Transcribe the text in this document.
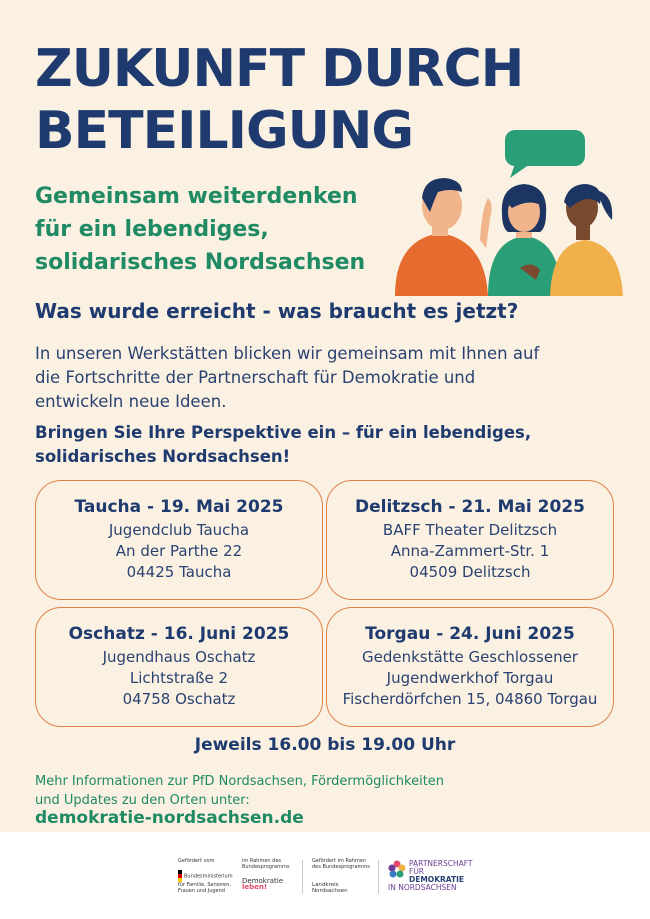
ZUKUNFT DURCH
BETEILIGUNG
Gemeinsam weiterdenken
für ein lebendiges,
solidarisches Nordsachsen
Was wurde erreicht - was braucht es jetzt?
In unseren Werkstätten blicken wir gemeinsam mit Ihnen auf
die Fortschritte der Partnerschaft für Demokratie und
entwickeln neue Ideen.
Bringen Sie Ihre Perspektive ein – für ein lebendiges,
solidarisches Nordsachsen!
Taucha - 19. Mai 2025
Jugendclub Taucha
An der Parthe 22
04425 Taucha
Delitzsch - 21. Mai 2025
BAFF Theater Delitzsch
Anna-Zammert-Str. 1
04509 Delitzsch
Oschatz - 16. Juni 2025
Jugendhaus Oschatz
Lichtstraße 2
04758 Oschatz
Torgau - 24. Juni 2025
Gedenkstätte Geschlossener
Jugendwerkhof Torgau
Fischerdörfchen 15, 04860 Torgau
Jeweils 16.00 bis 19.00 Uhr
Mehr Informationen zur PfD Nordsachsen, Fördermöglichkeiten
und Updates zu den Orten unter:
demokratie-nordsachsen.de
Gefördert vom
Bundesministerium für Familie, Senioren, Frauen und Jugend
im Rahmen des Bundesprogramms
Demokratie leben!
Gefördert im Rahmen des Bundesprogramms
Landkreis Nordsachsen
PARTNERSCHAFT
FÜR DEMOKRATIE
IN NORDSACHSEN
